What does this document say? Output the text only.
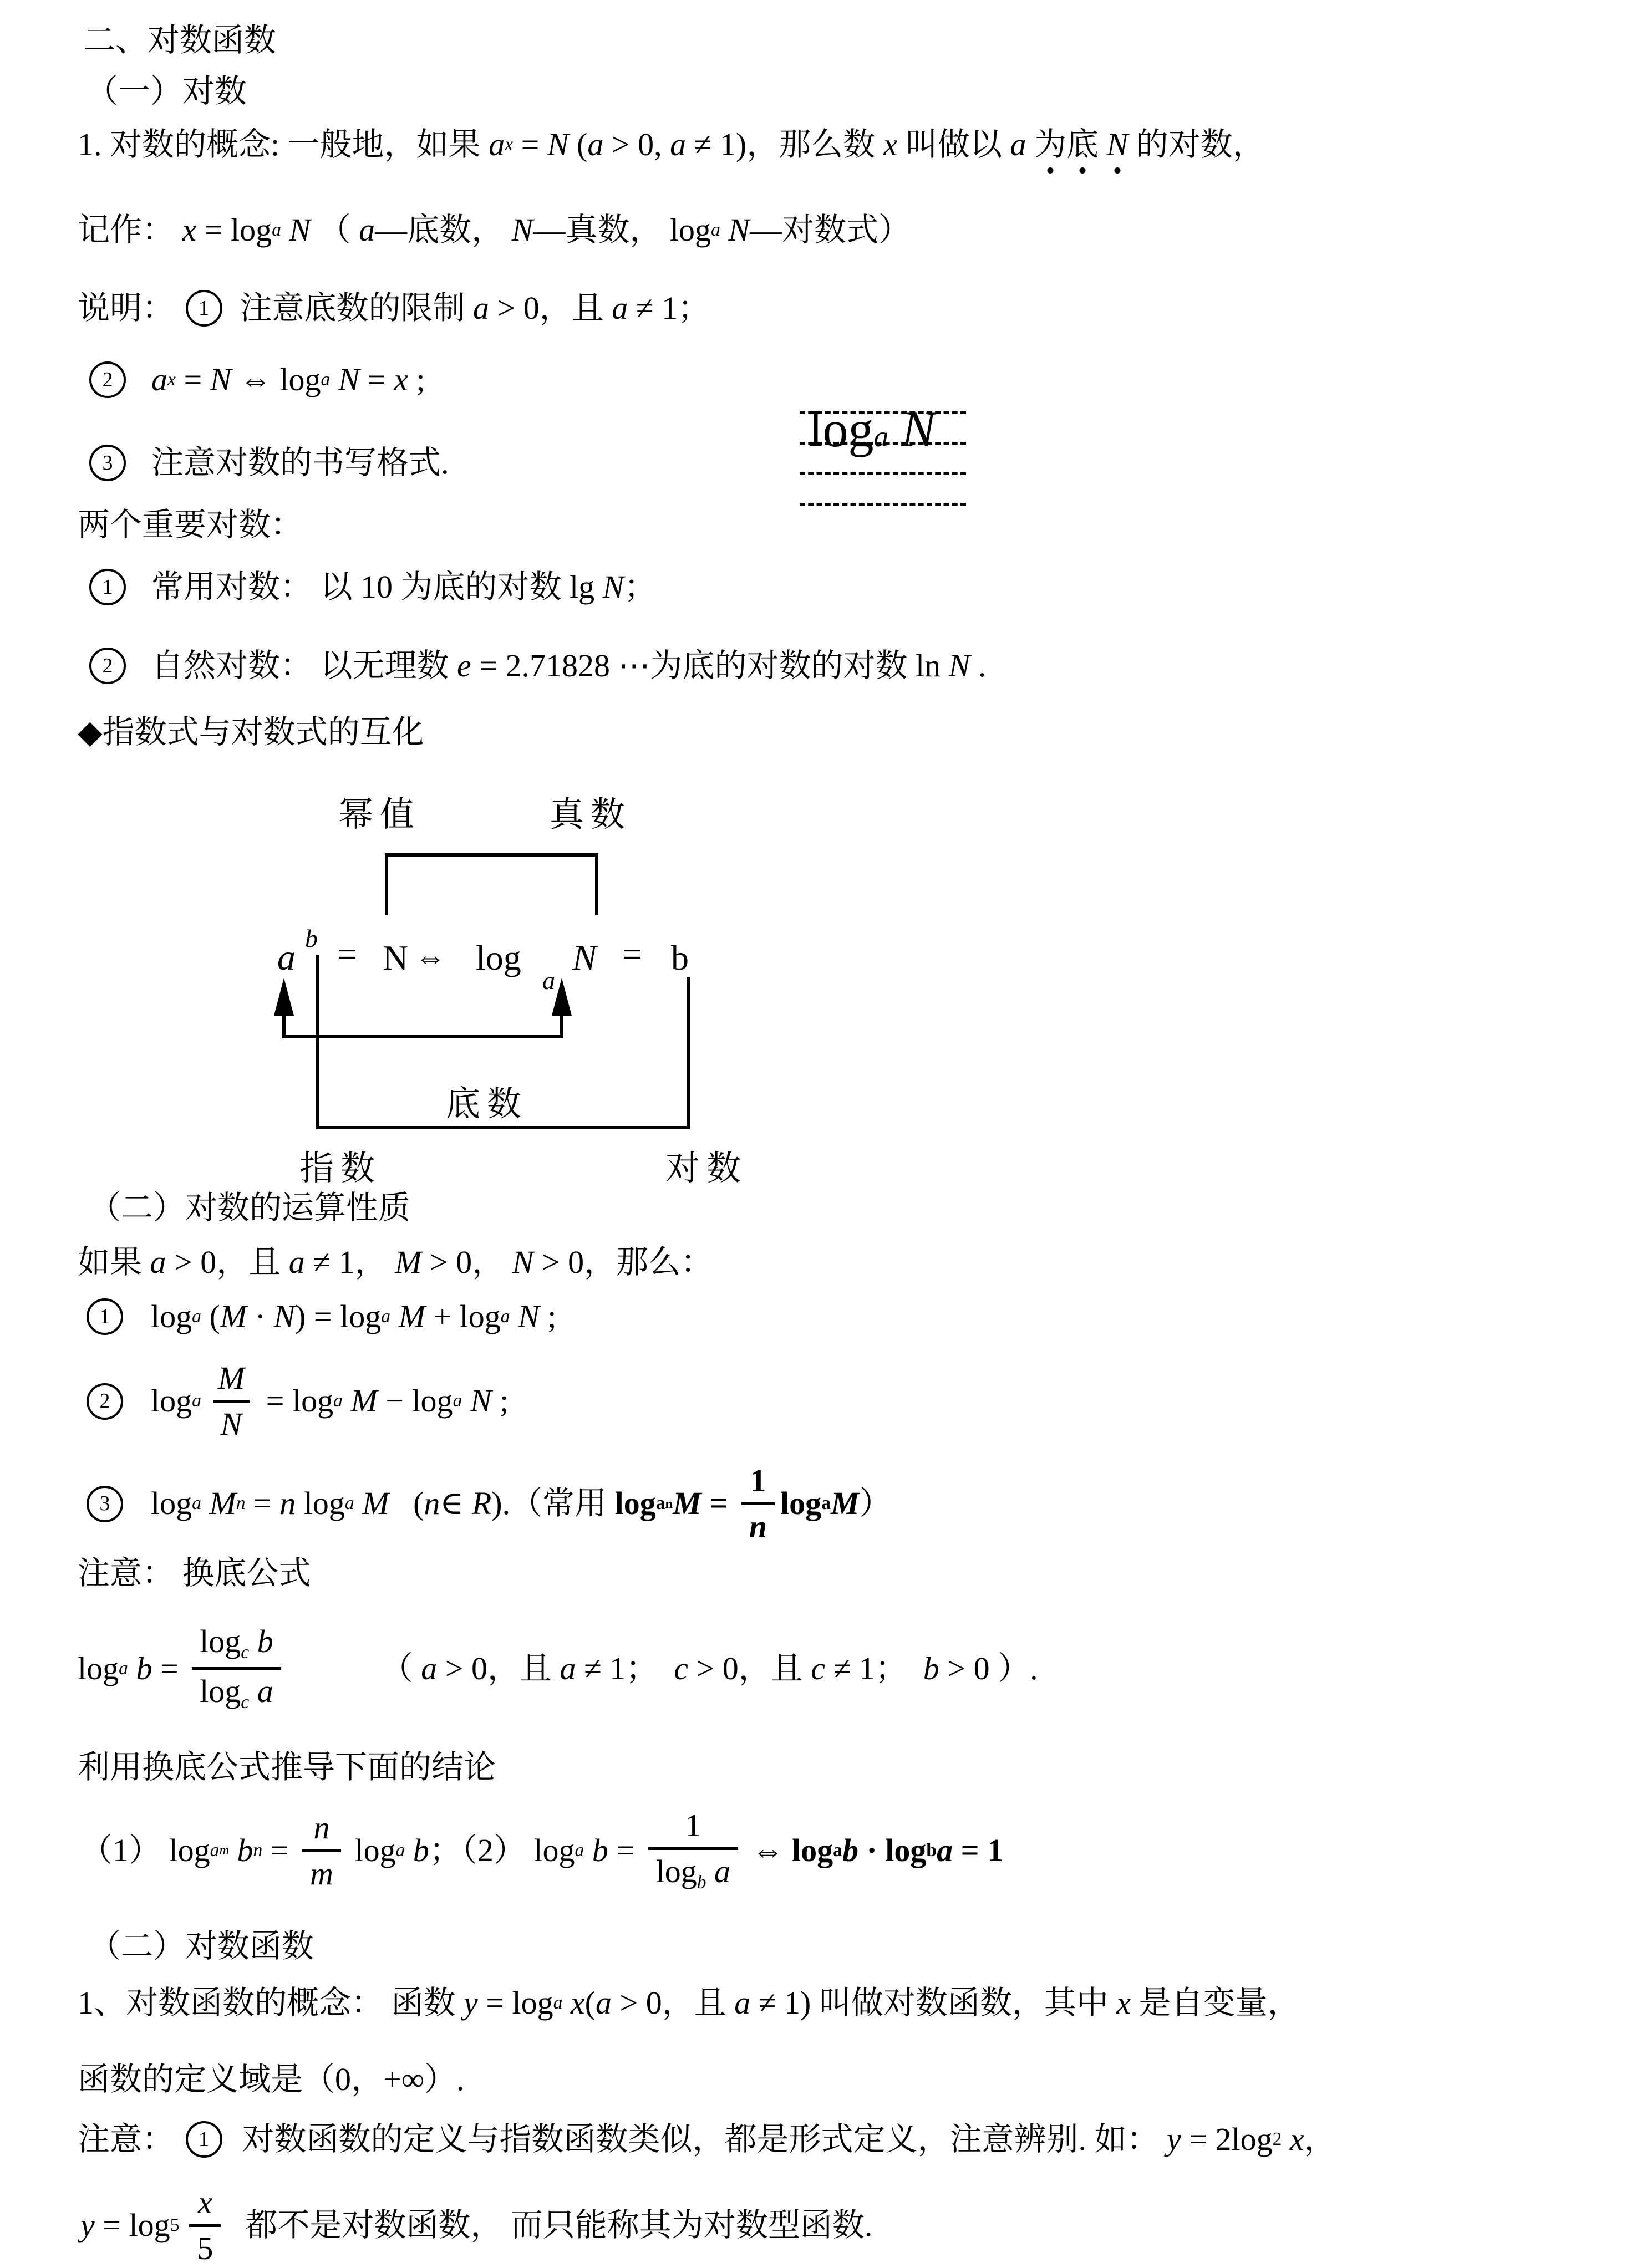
二、对数函数
（一）对数
1. 对数的概念 : 一般地 ， 如果 a x = N ( a > 0, a ≠ 1) ，那么数 x 叫做以 a
为底
N 的对数，
记作： x = log a
N （ a —底数， N —真数， log a
N —对数式）
说明： 1 注意底数的限制 a > 0 ，且 a ≠ 1；
2	a x = N ⇔ log a
N = x ;
3	注意对数的书写格式 .
两个重要对数：
1	常用对数： 以 10 为底的对数 lg N ；
2	自然对数： 以无理数 e = 2.71828 ⋯ 为底的对数的对数 ln N .
◆ 指数式与对数式的互化
（二）对数的运算性质
如果 a > 0 ，且 a ≠ 1 ， M > 0 ， N > 0 ，那么：
1	log a ( M · N ) = log a
M + log a
N ;
2	log a $\frac{M}{N} = \log a$
M − log a
N ;
3	log a
M n = n log a
M ( n ∈ R ). （常用 log a n $M = \frac{1}{n}$ log a M ）
注意： 换底公式
log a
$b = \frac{\text{logc b}}{\text{logc a}}$	（ a > 0 ，且 a ≠ 1； c > 0 ，且 c ≠ 1； b > 0 ） .
利用换底公式推导下面的结论
（1） log a m
b $n = \frac{n}{m}$ log a
b ；（2） log a
$b = \frac{1}{\text{logb a}}$ ⇔ log a b · log b a = 1
（二）对数函数
1 、对数函数的概念： 函数 y = log a
x ( a > 0 ，且 a ≠ 1) 叫做对数函数，其中 x 是自变量，
函数的定义域是（0，+∞）.
注意： 1	对数函数的定义与指数函数类似，都是形式定义，注意辨别. 如： y = 2log 2
x ，
$y = \log 5 \frac{x}{5}$ 都不是对数函数， 而只能称其为对数型函数.
log a
N
幂值	真数
a b = N ⇔ log
a
N = b
底数
指数	对数
